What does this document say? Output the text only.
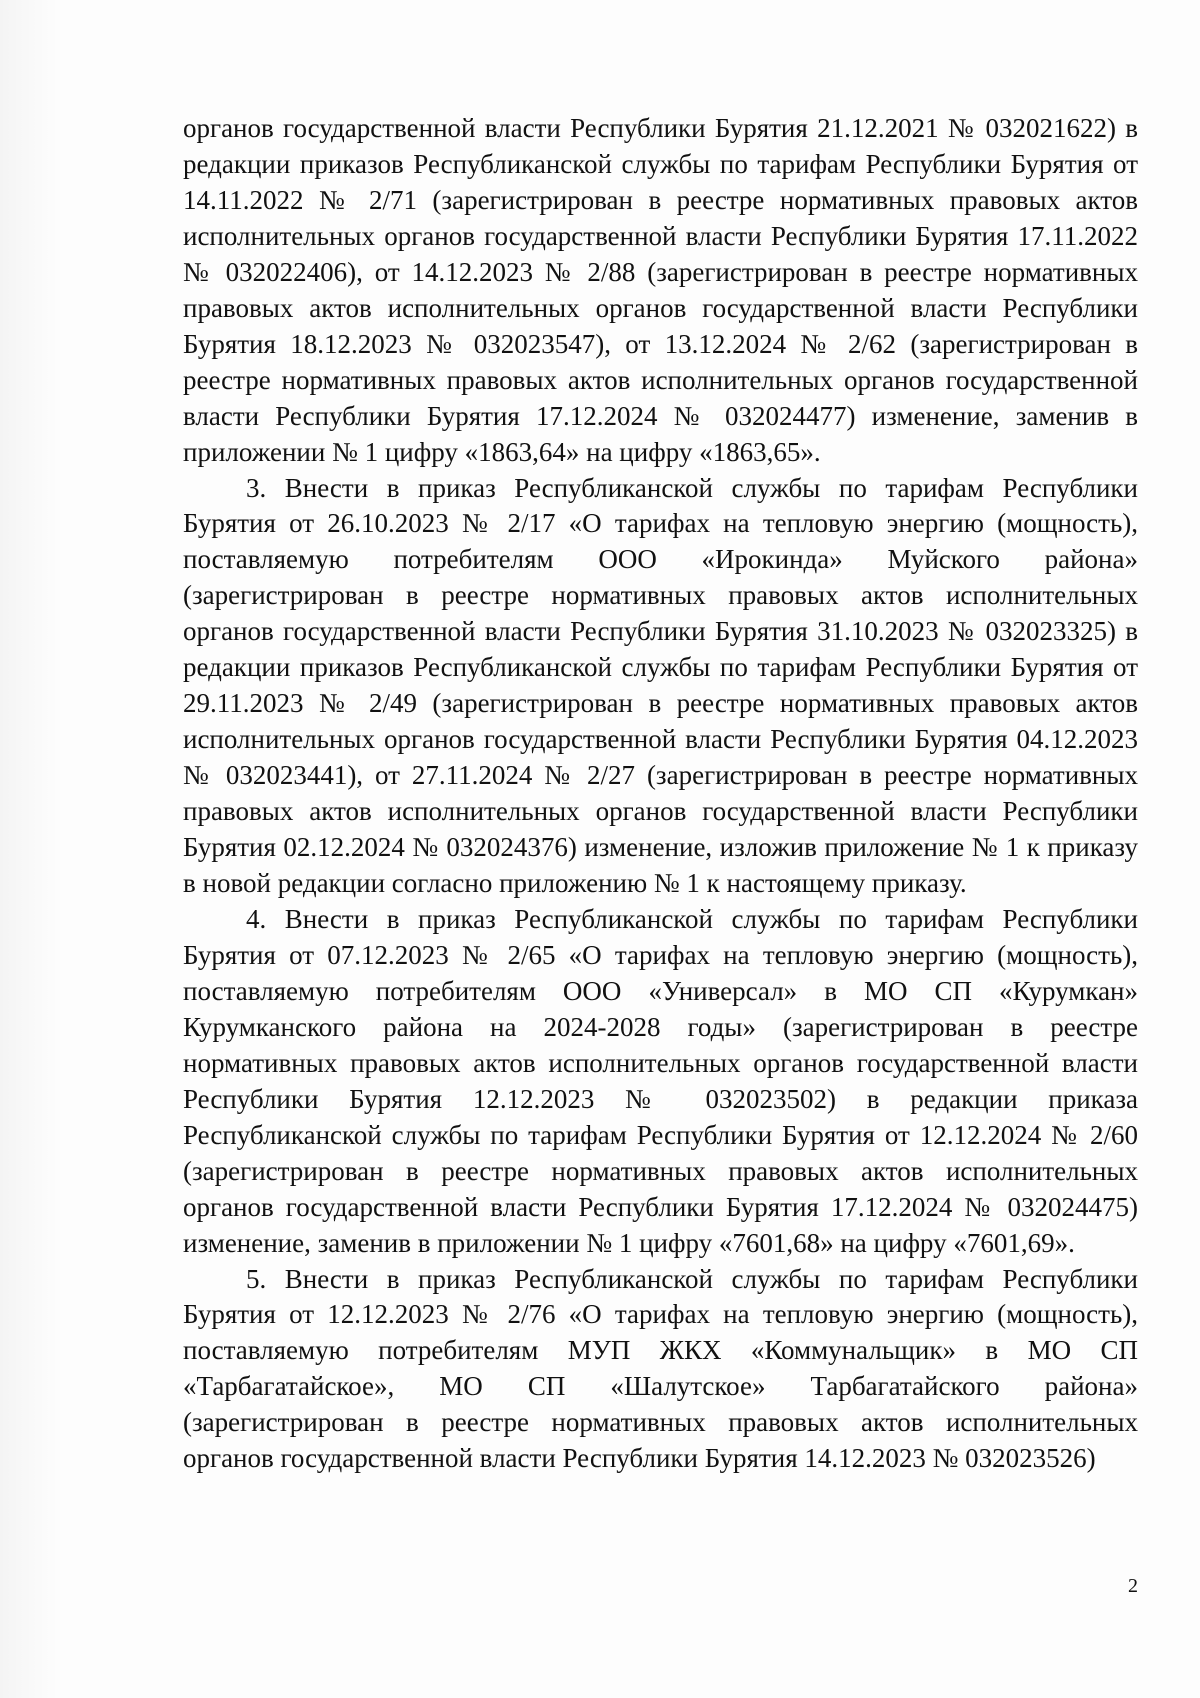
органов государственной власти Республики Бурятия 21.12.2021 № 032021622) в редакции приказов Республиканской службы по тарифам Республики Бурятия от 14.11.2022 № 2/71 (зарегистрирован в реестре нормативных правовых актов исполнительных органов государственной власти Республики Бурятия 17.11.2022 № 032022406), от 14.12.2023 № 2/88 (зарегистрирован в реестре нормативных правовых актов исполнительных органов государственной власти Республики Бурятия 18.12.2023 № 032023547), от 13.12.2024 № 2/62 (зарегистрирован в реестре нормативных правовых актов исполнительных органов государственной власти Республики Бурятия 17.12.2024 № 032024477) изменение, заменив в приложении № 1 цифру «1863,64» на цифру «1863,65».

3. Внести в приказ Республиканской службы по тарифам Республики Бурятия от 26.10.2023 № 2/17 «О тарифах на тепловую энергию (мощность), поставляемую потребителям ООО «Ирокинда» Муйского района» (зарегистрирован в реестре нормативных правовых актов исполнительных органов государственной власти Республики Бурятия 31.10.2023 № 032023325) в редакции приказов Республиканской службы по тарифам Республики Бурятия от 29.11.2023 № 2/49 (зарегистрирован в реестре нормативных правовых актов исполнительных органов государственной власти Республики Бурятия 04.12.2023 № 032023441), от 27.11.2024 № 2/27 (зарегистрирован в реестре нормативных правовых актов исполнительных органов государственной власти Республики Бурятия 02.12.2024 № 032024376) изменение, изложив приложение № 1 к приказу в новой редакции согласно приложению № 1 к настоящему приказу.

4. Внести в приказ Республиканской службы по тарифам Республики Бурятия от 07.12.2023 № 2/65 «О тарифах на тепловую энергию (мощность), поставляемую потребителям ООО «Универсал» в МО СП «Курумкан» Курумканского района на 2024-2028 годы» (зарегистрирован в реестре нормативных правовых актов исполнительных органов государственной власти Республики Бурятия 12.12.2023 № 032023502) в редакции приказа Республиканской службы по тарифам Республики Бурятия от 12.12.2024 № 2/60 (зарегистрирован в реестре нормативных правовых актов исполнительных органов государственной власти Республики Бурятия 17.12.2024 № 032024475) изменение, заменив в приложении № 1 цифру «7601,68» на цифру «7601,69».

5. Внести в приказ Республиканской службы по тарифам Республики Бурятия от 12.12.2023 № 2/76 «О тарифах на тепловую энергию (мощность), поставляемую потребителям МУП ЖКХ «Коммунальщик» в МО СП «Тарбагатайское», МО СП «Шалутское» Тарбагатайского района» (зарегистрирован в реестре нормативных правовых актов исполнительных органов государственной власти Республики Бурятия 14.12.2023 № 032023526)

2
